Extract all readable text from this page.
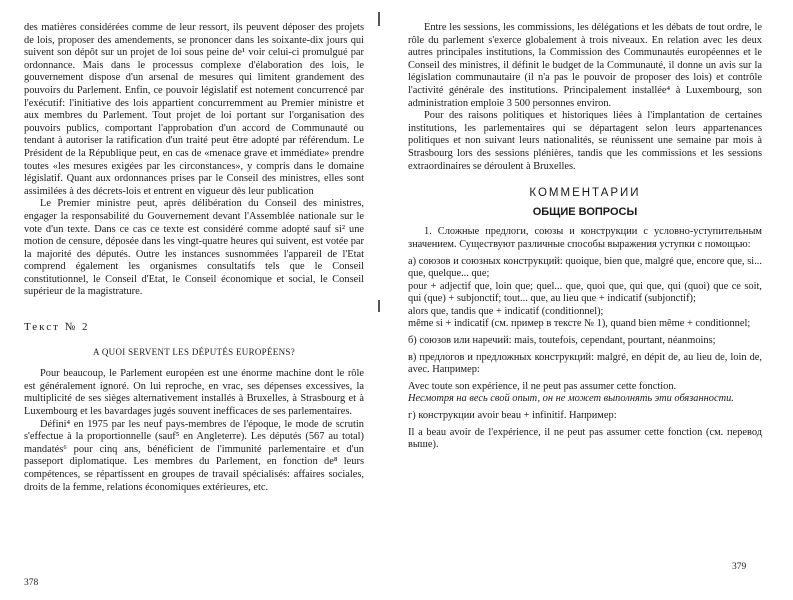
des matières considérées comme de leur ressort, ils peuvent déposer des projets de lois, proposer des amendements, se prononcer dans les soixante-dix jours qui suivent son dépôt sur un projet de loi sous peine de¹ voir celui-ci promulgué par ordonnance. Mais dans le processus complexe d'élaboration des lois, le gouvernement dispose d'un arsenal de mesures qui limitent grandement des pouvoirs du Parlement. Enfin, ce pouvoir législatif est notement concurrencé par l'exécutif: l'initiative des lois appartient concurremment au Premier ministre et aux membres du Parlement. Tout projet de loi portant sur l'organisation des pouvoirs publics, comportant l'approbation d'un accord de Communauté ou tendant à autoriser la ratification d'un traité peut être adopté par référendum. Le Président de la République peut, en cas de «menace grave et immédiate» prendre toutes «les mesures exigées par les circonstances», y compris dans le domaine législatif. Quant aux ordonnances prises par le Conseil des ministres, elles sont assimilées à des décrets-lois et entrent en vigueur dès leur publication

Le Premier ministre peut, après délibération du Conseil des ministres, engager la responsabilité du Gouvernement devant l'Assemblée nationale sur le vote d'un texte. Dans ce cas ce texte est considéré comme adopté sauf si² une motion de censure, déposée dans les vingt-quatre heures qui suivent, est votée par la majorité des députés. Outre les instances susnommées l'appareil de l'Etat comprend également les organismes consultatifs tels que le Conseil constitutionnel, le Conseil d'Etat, le Conseil économique et social, le Conseil supérieur de la magistrature.

Текст № 2

A QUOI SERVENT LES DÉPUTÉS EUROPÉENS?

Pour beaucoup, le Parlement européen est une énorme machine dont le rôle est généralement ignoré. On lui reproche, en vrac, ses dépenses excessives, la multiplicité de ses sièges alternativement installés à Bruxelles, à Strasbourg et à Luxembourg et les bavardages jugés souvent inefficaces de ses parlementaires.

Défini⁴ en 1975 par les neuf pays-membres de l'époque, le mode de scrutin s'effectue à la proportionnelle (sauf⁵ en Angleterre). Les députés (567 au total) mandatés⁶ pour cinq ans, bénéficient de l'immunité parlementaire et d'un passeport diplomatique. Les membres du Parlement, en fonction de⁸ leurs compétences, se répartissent en groupes de travail spécialisés: affaires sociales, droits de la femme, relations économiques extérieures, etc.

378

Entre les sessions, les commissions, les délégations et les débats de tout ordre, le rôle du parlement s'exerce globalement à trois niveaux. En relation avec les deux autres principales institutions, la Commission des Communautés européennes et le Conseil des ministres, il définit le budget de la Communauté, il donne un avis sur la législation communautaire (il n'a pas le pouvoir de proposer des lois) et contrôle l'activité générale des institutions. Principalement installée⁴ à Luxembourg, son administration emploie 3 500 personnes environ.

Pour des raisons politiques et historiques liées à l'implantation de certaines institutions, les parlementaires qui se départagent selon leurs appartenances politiques et non suivant leurs nationalités, se réunissent une semaine par mois à Strasbourg lors des sessions plénières, tandis que les commissions et les sessions extraordinaires se déroulent à Bruxelles.

КОММЕНТАРИИ

ОБЩИЕ ВОПРОСЫ

1. Сложные предлоги, союзы и конструкции с условно-уступительным значением. Существуют различные способы выражения уступки с помощью:

а) союзов и союзных конструкций: quoique, bien que, malgré que, encore que, si... que, quelque... que;

pour + adjectif que, loin que; quel... que, quoi que, qui que, qui (quoi) que ce soit, qui (que) + subjonctif; tout... que, au lieu que + indicatif (subjonctif);

alors que, tandis que + indicatif (conditionnel);

même si + indicatif (см. пример в тексте № 1), quand bien même + conditionnel;

б) союзов или наречий: mais, toutefois, cependant, pourtant, néanmoins;

в) предлогов и предложных конструкций: malgré, en dépit de, au lieu de, loin de, avec. Например:

Avec toute son expérience, il ne peut pas assumer cette fonction.

Несмотря на весь свой опыт, он не может выполнять эти обязанности.

г) конструкции avoir beau + infinitif. Например:

Il a beau avoir de l'expérience, il ne peut pas assumer cette fonction (см. перевод выше).

379
